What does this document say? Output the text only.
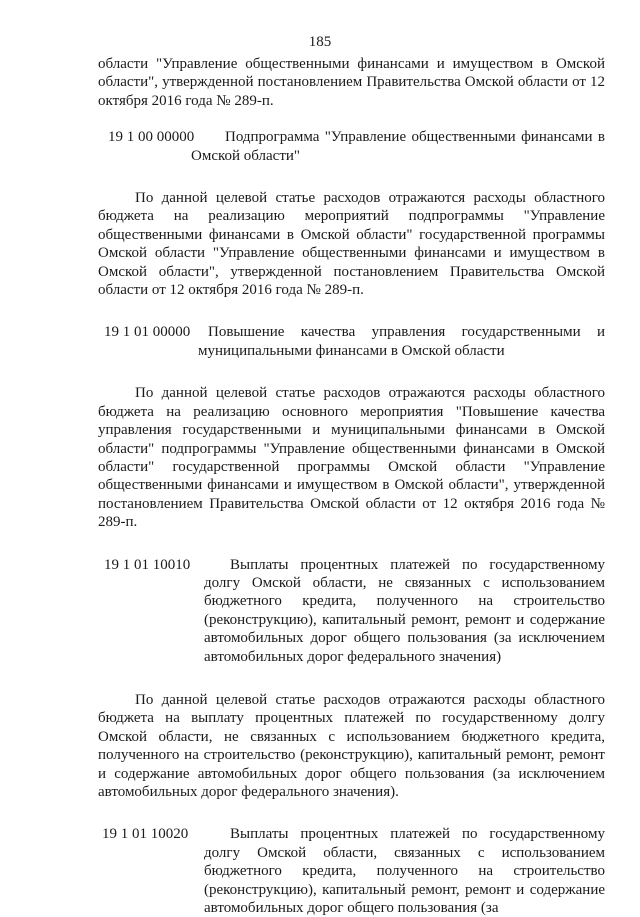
185

области "Управление общественными финансами и имуществом в Омской области", утвержденной постановлением Правительства Омской области от 12 октября 2016 года № 289-п.

19 1 00 00000	Подпрограмма "Управление общественными финансами в Омской области"

По данной целевой статье расходов отражаются расходы областного бюджета на реализацию мероприятий подпрограммы "Управление общественными финансами в Омской области" государственной программы Омской области "Управление общественными финансами и имуществом в Омской области", утвержденной постановлением Правительства Омской области от 12 октября 2016 года № 289-п.

19 1 01 00000	Повышение качества управления государственными и муниципальными финансами в Омской области

По данной целевой статье расходов отражаются расходы областного бюджета на реализацию основного мероприятия "Повышение качества управления государственными и муниципальными финансами в Омской области" подпрограммы "Управление общественными финансами в Омской области" государственной программы Омской области "Управление общественными финансами и имуществом в Омской области", утвержденной постановлением Правительства Омской области от 12 октября 2016 года № 289-п.

19 1 01 10010	Выплаты процентных платежей по государственному долгу Омской области, не связанных с использованием бюджетного кредита, полученного на строительство (реконструкцию), капитальный ремонт, ремонт и содержание автомобильных дорог общего пользования (за исключением автомобильных дорог федерального значения)

По данной целевой статье расходов отражаются расходы областного бюджета на выплату процентных платежей по государственному долгу Омской области, не связанных с использованием бюджетного кредита, полученного на строительство (реконструкцию), капитальный ремонт, ремонт и содержание автомобильных дорог общего пользования (за исключением автомобильных дорог федерального значения).

19 1 01 10020	Выплаты процентных платежей по государственному долгу Омской области, связанных с использованием бюджетного кредита, полученного на строительство (реконструкцию), капитальный ремонт, ремонт и содержание автомобильных дорог общего пользования (за
